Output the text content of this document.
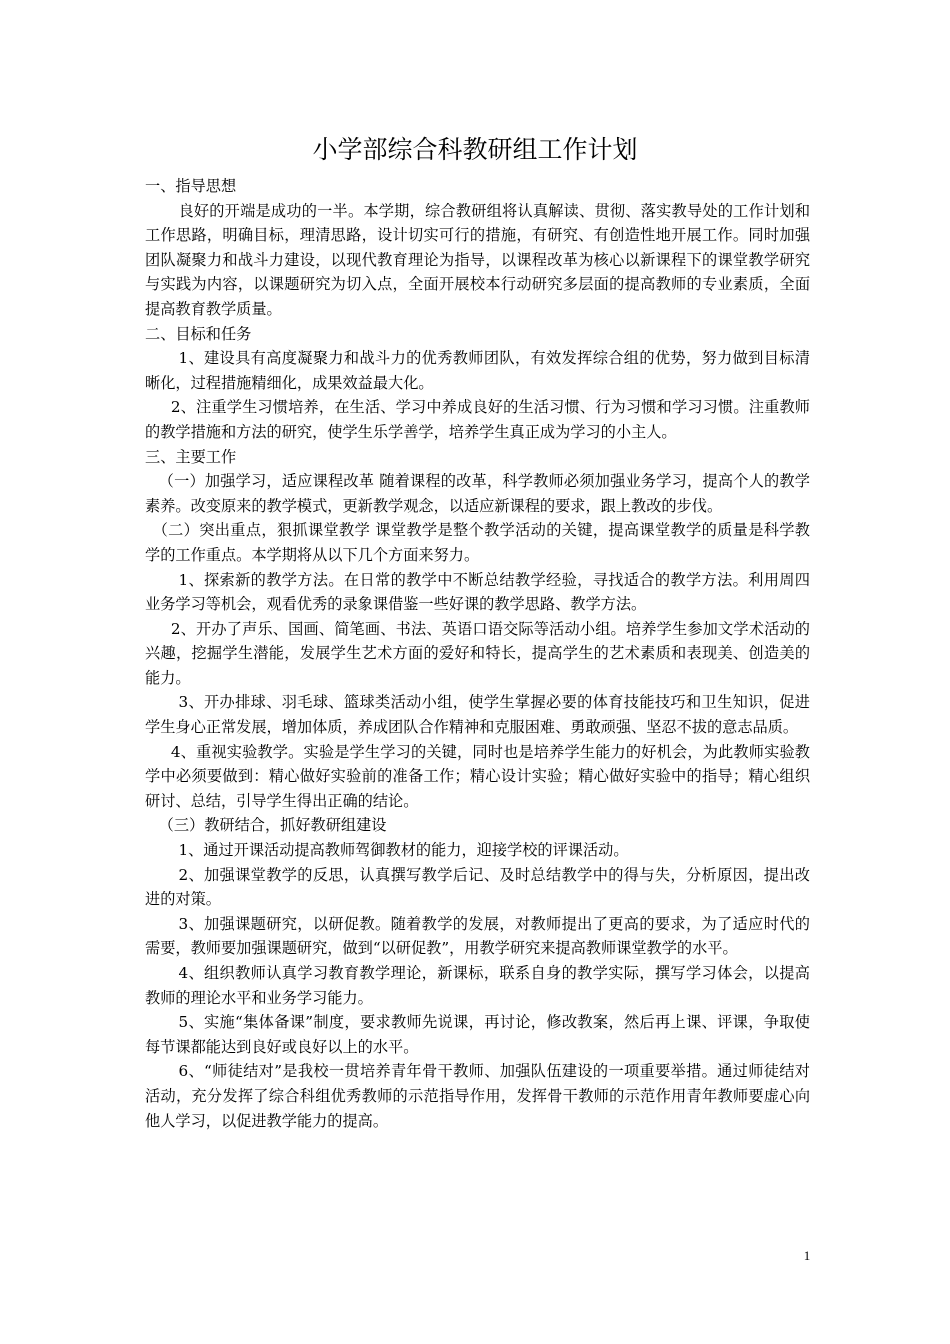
小学部综合科教研组工作计划

一、指导思想

良好的开端是成功的一半。本学期，综合教研组将认真解读、贯彻、落实教导处的工作计划和工作思路，明确目标，理清思路，设计切实可行的措施，有研究、有创造性地开展工作。同时加强团队凝聚力和战斗力建设，以现代教育理论为指导，以课程改革为核心以新课程下的课堂教学研究与实践为内容，以课题研究为切入点，全面开展校本行动研究多层面的提高教师的专业素质，全面提高教育教学质量。

二、目标和任务

1、建设具有高度凝聚力和战斗力的优秀教师团队，有效发挥综合组的优势，努力做到目标清晰化，过程措施精细化，成果效益最大化。

2、注重学生习惯培养，在生活、学习中养成良好的生活习惯、行为习惯和学习习惯。注重教师的教学措施和方法的研究，使学生乐学善学，培养学生真正成为学习的小主人。

三、主要工作

（一）加强学习，适应课程改革 随着课程的改革，科学教师必须加强业务学习，提高个人的教学素养。改变原来的教学模式，更新教学观念，以适应新课程的要求，跟上教改的步伐。

（二）突出重点，狠抓课堂教学 课堂教学是整个教学活动的关键，提高课堂教学的质量是科学教学的工作重点。本学期将从以下几个方面来努力。

1、探索新的教学方法。在日常的教学中不断总结教学经验，寻找适合的教学方法。利用周四业务学习等机会，观看优秀的录象课借鉴一些好课的教学思路、教学方法。

2、开办了声乐、国画、简笔画、书法、英语口语交际等活动小组。培养学生参加文学术活动的兴趣，挖掘学生潜能，发展学生艺术方面的爱好和特长，提高学生的艺术素质和表现美、创造美的能力。

3、开办排球、羽毛球、篮球类活动小组，使学生掌握必要的体育技能技巧和卫生知识，促进学生身心正常发展，增加体质，养成团队合作精神和克服困难、勇敢顽强、坚忍不拔的意志品质。

4、重视实验教学。实验是学生学习的关键，同时也是培养学生能力的好机会，为此教师实验教学中必须要做到：精心做好实验前的准备工作；精心设计实验；精心做好实验中的指导；精心组织研讨、总结，引导学生得出正确的结论。

（三）教研结合，抓好教研组建设

1、通过开课活动提高教师驾御教材的能力，迎接学校的评课活动。

2、加强课堂教学的反思，认真撰写教学后记、及时总结教学中的得与失，分析原因，提出改进的对策。

3、加强课题研究，以研促教。随着教学的发展，对教师提出了更高的要求，为了适应时代的需要，教师要加强课题研究，做到“以研促教”，用教学研究来提高教师课堂教学的水平。

4、组织教师认真学习教育教学理论，新课标，联系自身的教学实际，撰写学习体会，以提高教师的理论水平和业务学习能力。

5、实施“集体备课”制度，要求教师先说课，再讨论，修改教案，然后再上课、评课，争取使每节课都能达到良好或良好以上的水平。

6、“师徒结对”是我校一贯培养青年骨干教师、加强队伍建设的一项重要举措。通过师徒结对活动，充分发挥了综合科组优秀教师的示范指导作用，发挥骨干教师的示范作用青年教师要虚心向他人学习，以促进教学能力的提高。

1
